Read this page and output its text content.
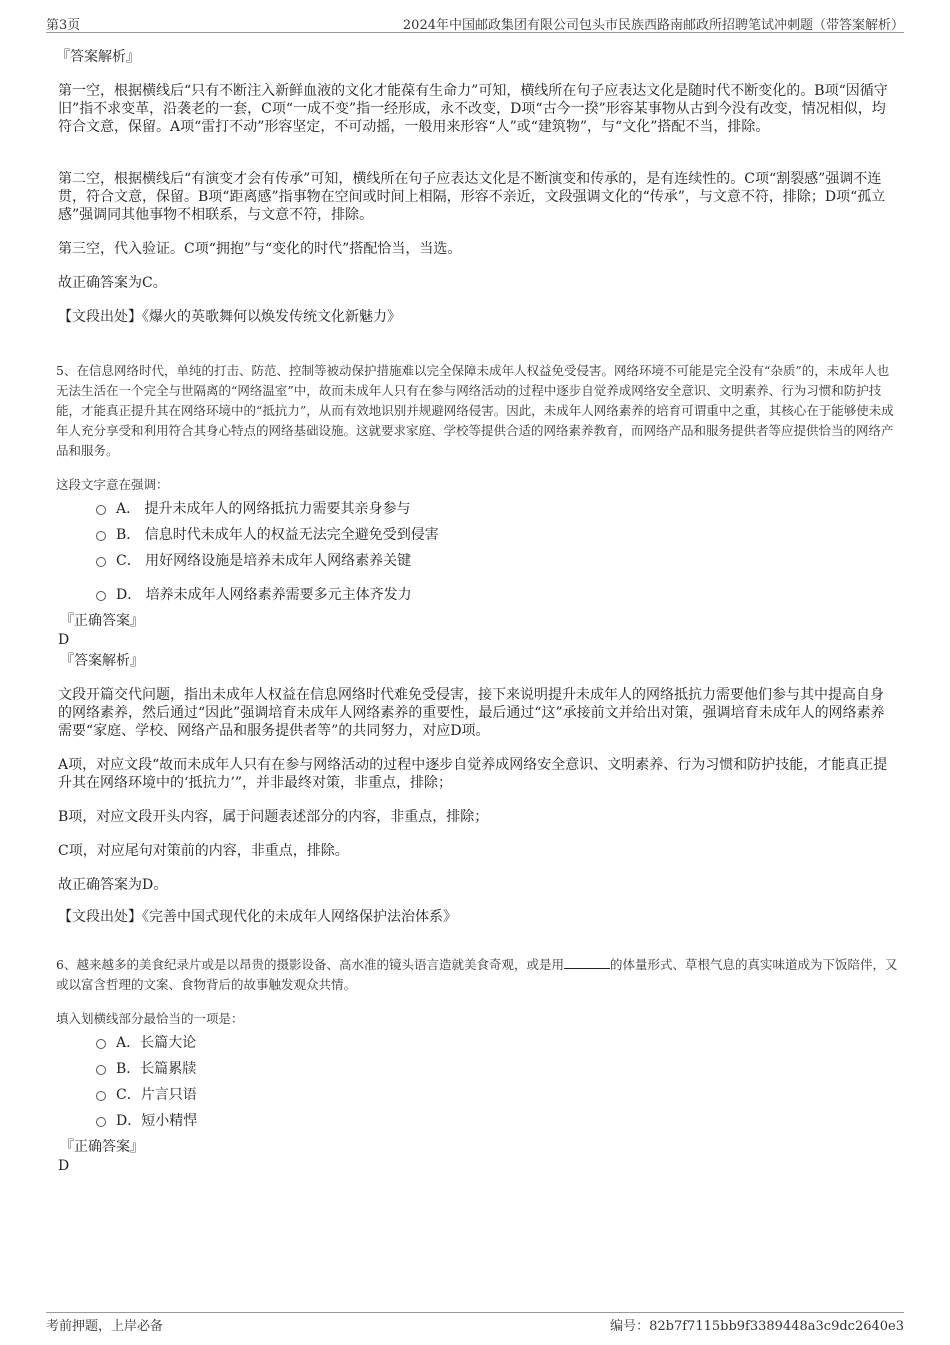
第3页	2024年中国邮政集团有限公司包头市民族西路南邮政所招聘笔试冲刺题（带答案解析）

『答案解析』

第一空，根据横线后“只有不断注入新鲜血液的文化才能葆有生命力”可知，横线所在句子应表达文化是随时代不断变化的。B项“因循守旧”指不求变革，沿袭老的一套，C项“一成不变”指一经形成，永不改变，D项“古今一揆”形容某事物从古到今没有改变，情况相似，均符合文意，保留。A项“雷打不动”形容坚定，不可动摇，一般用来形容“人”或“建筑物”，与“文化”搭配不当，排除。

第二空，根据横线后“有演变才会有传承”可知，横线所在句子应表达文化是不断演变和传承的，是有连续性的。C项“割裂感”强调不连贯，符合文意，保留。B项“距离感”指事物在空间或时间上相隔，形容不亲近，文段强调文化的“传承”，与文意不符，排除；D项“孤立感”强调同其他事物不相联系，与文意不符，排除。

第三空，代入验证。C项“拥抱”与“变化的时代”搭配恰当，当选。

故正确答案为C。

【文段出处】《爆火的英歌舞何以焕发传统文化新魅力》

5、在信息网络时代，单纯的打击、防范、控制等被动保护措施难以完全保障未成年人权益免受侵害。网络环境不可能是完全没有“杂质”的，未成年人也无法生活在一个完全与世隔离的“网络温室”中，故而未成年人只有在参与网络活动的过程中逐步自觉养成网络安全意识、文明素养、行为习惯和防护技能，才能真正提升其在网络环境中的“抵抗力”，从而有效地识别并规避网络侵害。因此，未成年人网络素养的培育可谓重中之重，其核心在于能够使未成年人充分享受和利用符合其身心特点的网络基础设施。这就要求家庭、学校等提供合适的网络素养教育，而网络产品和服务提供者等应提供恰当的网络产品和服务。

这段文字意在强调：

A． 提升未成年人的网络抵抗力需要其亲身参与
B． 信息时代未成年人的权益无法完全避免受到侵害
C． 用好网络设施是培养未成年人网络素养关键
D． 培养未成年人网络素养需要多元主体齐发力

『正确答案』

D

『答案解析』

文段开篇交代问题，指出未成年人权益在信息网络时代难免受侵害，接下来说明提升未成年人的网络抵抗力需要他们参与其中提高自身的网络素养，然后通过“因此”强调培育未成年人网络素养的重要性，最后通过“这”承接前文并给出对策，强调培育未成年人的网络素养需要“家庭、学校、网络产品和服务提供者等”的共同努力，对应D项。

A项，对应文段“故而未成年人只有在参与网络活动的过程中逐步自觉养成网络安全意识、文明素养、行为习惯和防护技能，才能真正提升其在网络环境中的‘抵抗力’”，并非最终对策，非重点，排除；

B项，对应文段开头内容，属于问题表述部分的内容，非重点，排除；

C项，对应尾句对策前的内容，非重点，排除。

故正确答案为D。

【文段出处】《完善中国式现代化的未成年人网络保护法治体系》

6、越来越多的美食纪录片或是以昂贵的摄影设备、高水准的镜头语言造就美食奇观，或是用	的体量形式、草根气息的真实味道成为下饭陪伴，又或以富含哲理的文案、食物背后的故事触发观众共情。

填入划横线部分最恰当的一项是：

A．长篇大论
B．长篇累牍
C．片言只语
D．短小精悍

『正确答案』

D

考前押题，上岸必备	编号：82b7f7115bb9f3389448a3c9dc2640e3
